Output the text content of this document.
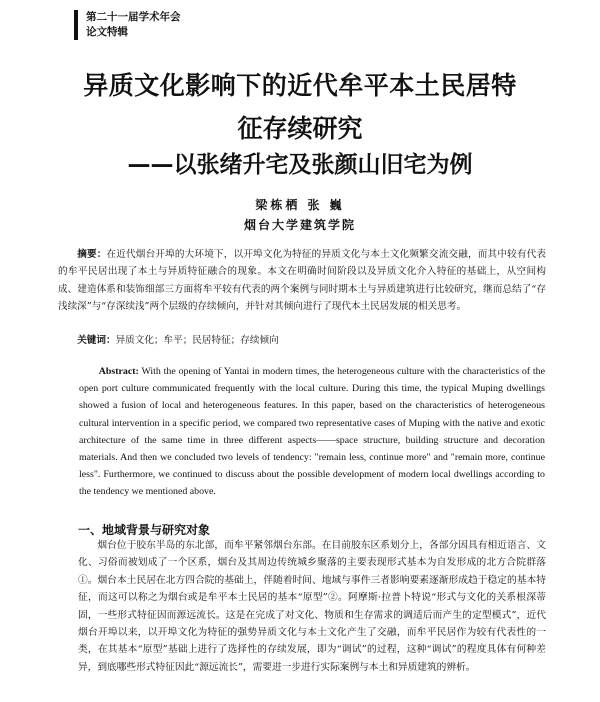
第二十一届学术年会
论文特辑
异质文化影响下的近代牟平本土民居特
征存续研究
——以张绪升宅及张颜山旧宅为例
梁栋栖 张 巍
烟台大学建筑学院
摘要：在近代烟台开埠的大环境下，以开埠文化为特征的异质文化与本土文化频繁交流交融，而其中较有代表的牟平民居出现了本土与异质特征融合的现象。本文在明确时间阶段以及异质文化介入特征的基础上，从空间构成、建造体系和装饰细部三方面将牟平较有代表的两个案例与同时期本土与异质建筑进行比较研究，继而总结了“存浅续深”与“存深续浅”两个层级的存续倾向，并针对其倾向进行了现代本土民居发展的相关思考。
关键词：异质文化；牟平；民居特征；存续倾向
Abstract: With the opening of Yantai in modern times, the heterogeneous culture with the characteristics of the open port culture communicated frequently with the local culture. During this time, the typical Muping dwellings showed a fusion of local and heterogeneous features. In this paper, based on the characteristics of heterogeneous cultural intervention in a specific period, we compared two representative cases of Muping with the native and exotic architecture of the same time in three different aspects——space structure, building structure and decoration materials. And then we concluded two levels of tendency: "remain less, continue more" and "remain more, continue less". Furthermore, we continued to discuss about the possible development of modern local dwellings according to the tendency we mentioned above.
一、地域背景与研究对象
烟台位于胶东半岛的东北部，而牟平紧邻烟台东部。在目前胶东区系划分上，各部分因具有相近语言、文化、习俗而被划成了一个区系，烟台及其周边传统城乡聚落的主要表现形式基本为自发形成的北方合院群落①。烟台本土民居在北方四合院的基础上，伴随着时间、地域与事件三者影响要素逐渐形成趋于稳定的基本特征，而这可以称之为烟台或是牟平本土民居的基本“原型”②。阿摩斯·拉普卜特说“形式与文化的关系根深蒂固，一些形式特征因而源远流长。这是在完成了对文化、物质和生存需求的调适后而产生的定型模式”，近代烟台开埠以来，以开埠文化为特征的强势异质文化与本土文化产生了交融，而牟平民居作为较有代表性的一类，在其基本“原型”基础上进行了选择性的存续发展，即为“调试”的过程，这种“调试”的程度具体有何种差异，到底哪些形式特征因此“源远流长”，需要进一步进行实际案例与本土和异质建筑的辨析。
